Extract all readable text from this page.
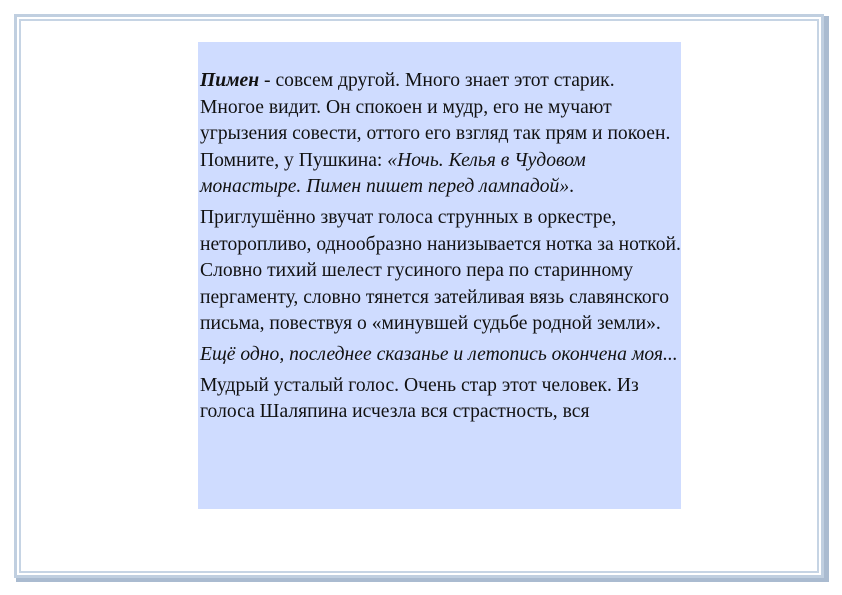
Пимен - совсем другой. Много знает этот старик. Многое видит. Он спокоен и мудр, его не мучают угрызения совести, оттого его взгляд так прям и покоен. Помните, у Пушкина: «Ночь. Келья в Чудовом монастыре. Пимен пишет перед лампадой».

Приглушённо звучат голоса струнных в оркестре, неторопливо, однообразно нанизывается нотка за ноткой. Словно тихий шелест гусиного пера по старинному пергаменту, словно тянется затейливая вязь славянского письма, повествуя о «минувшей судьбе родной земли».

Ещё одно, последнее сказанье и летопись окончена моя...

Мудрый усталый голос. Очень стар этот человек. Из голоса Шаляпина исчезла вся страстность, вся
